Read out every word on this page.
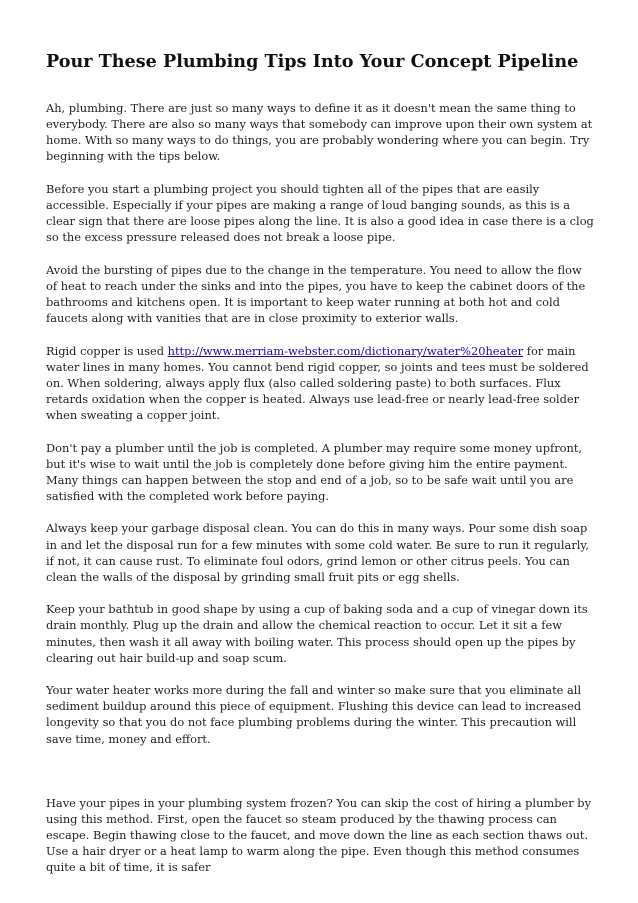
Pour These Plumbing Tips Into Your Concept Pipeline

Ah, plumbing. There are just so many ways to define it as it doesn't mean the same thing to everybody. There are also so many ways that somebody can improve upon their own system at home. With so many ways to do things, you are probably wondering where you can begin. Try beginning with the tips below.

Before you start a plumbing project you should tighten all of the pipes that are easily accessible. Especially if your pipes are making a range of loud banging sounds, as this is a clear sign that there are loose pipes along the line. It is also a good idea in case there is a clog so the excess pressure released does not break a loose pipe.

Avoid the bursting of pipes due to the change in the temperature. You need to allow the flow of heat to reach under the sinks and into the pipes, you have to keep the cabinet doors of the bathrooms and kitchens open. It is important to keep water running at both hot and cold faucets along with vanities that are in close proximity to exterior walls.

Rigid copper is used http://www.merriam-webster.com/dictionary/water%20heater for main water lines in many homes. You cannot bend rigid copper, so joints and tees must be soldered on. When soldering, always apply flux (also called soldering paste) to both surfaces. Flux retards oxidation when the copper is heated. Always use lead-free or nearly lead-free solder when sweating a copper joint.

Don't pay a plumber until the job is completed. A plumber may require some money upfront, but it's wise to wait until the job is completely done before giving him the entire payment. Many things can happen between the stop and end of a job, so to be safe wait until you are satisfied with the completed work before paying.

Always keep your garbage disposal clean. You can do this in many ways. Pour some dish soap in and let the disposal run for a few minutes with some cold water. Be sure to run it regularly, if not, it can cause rust. To eliminate foul odors, grind lemon or other citrus peels. You can clean the walls of the disposal by grinding small fruit pits or egg shells.

Keep your bathtub in good shape by using a cup of baking soda and a cup of vinegar down its drain monthly. Plug up the drain and allow the chemical reaction to occur. Let it sit a few minutes, then wash it all away with boiling water. This process should open up the pipes by clearing out hair build-up and soap scum.

Your water heater works more during the fall and winter so make sure that you eliminate all sediment buildup around this piece of equipment. Flushing this device can lead to increased longevity so that you do not face plumbing problems during the winter. This precaution will save time, money and effort.

Have your pipes in your plumbing system frozen? You can skip the cost of hiring a plumber by using this method. First, open the faucet so steam produced by the thawing process can escape. Begin thawing close to the faucet, and move down the line as each section thaws out. Use a hair dryer or a heat lamp to warm along the pipe. Even though this method consumes quite a bit of time, it is safer
